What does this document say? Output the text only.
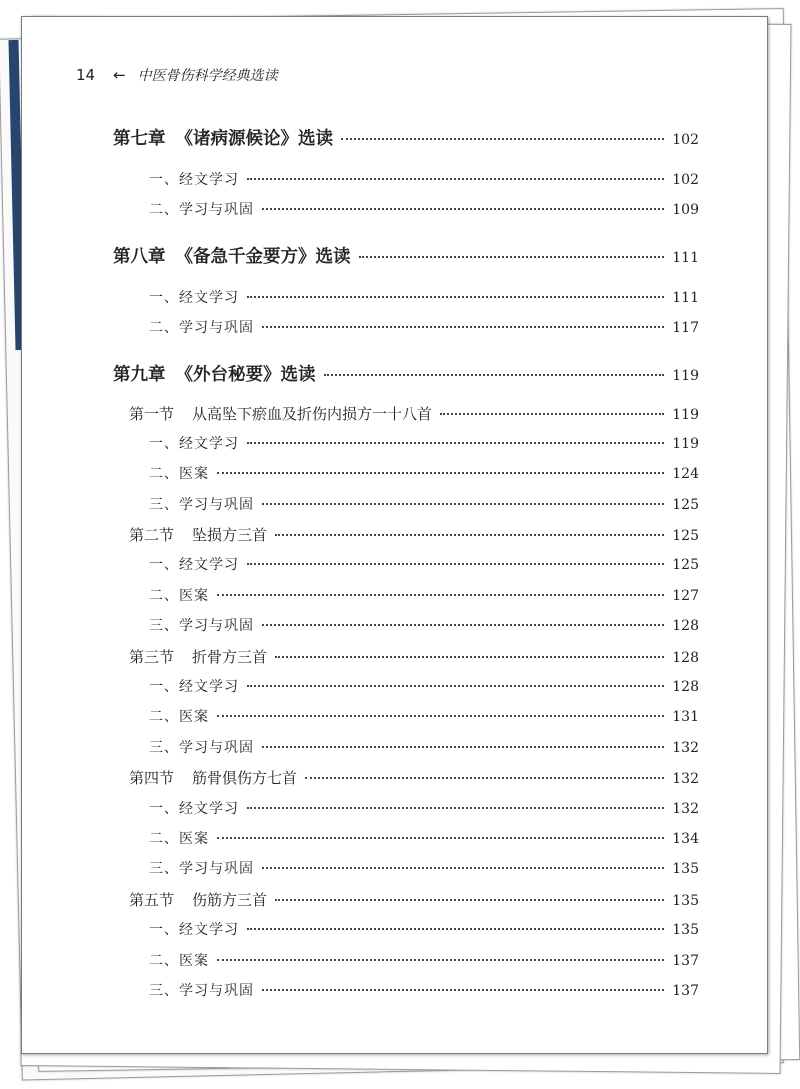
14 ← 中医骨伤科学经典选读
第七章 《诸病源候论》选读	102
一、经文学习	102
二、学习与巩固	109
第八章 《备急千金要方》选读	111
一、经文学习	111
二、学习与巩固	117
第九章 《外台秘要》选读	119
第一节 从高坠下瘀血及折伤内损方一十八首	119
一、经文学习	119
二、医案	124
三、学习与巩固	125
第二节 坠损方三首	125
一、经文学习	125
二、医案	127
三、学习与巩固	128
第三节 折骨方三首	128
一、经文学习	128
二、医案	131
三、学习与巩固	132
第四节 筋骨俱伤方七首	132
一、经文学习	132
二、医案	134
三、学习与巩固	135
第五节 伤筋方三首	135
一、经文学习	135
二、医案	137
三、学习与巩固	137
